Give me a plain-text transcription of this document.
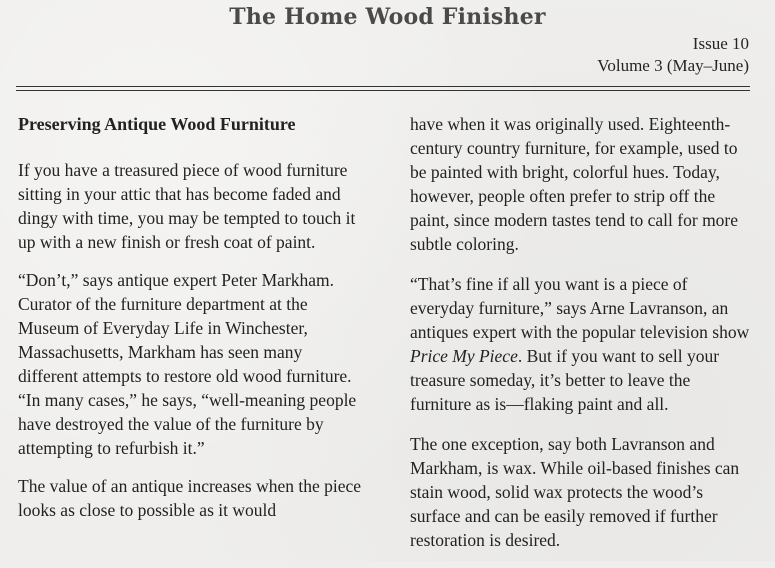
The Home Wood Finisher
Issue 10
Volume 3 (May–June)
Preserving Antique Wood Furniture
If you have a treasured piece of wood furniture sitting in your attic that has become faded and dingy with time, you may be tempted to touch it up with a new finish or fresh coat of paint.
“Don’t,” says antique expert Peter Markham. Curator of the furniture department at the Museum of Everyday Life in Winchester, Massachusetts, Markham has seen many different attempts to restore old wood furniture. “In many cases,” he says, “well-meaning people have destroyed the value of the furniture by attempting to refurbish it.”
The value of an antique increases when the piece looks as close to possible as it would
have when it was originally used. Eighteenth-century country furniture, for example, used to be painted with bright, colorful hues. Today, however, people often prefer to strip off the paint, since modern tastes tend to call for more subtle coloring.
“That’s fine if all you want is a piece of everyday furniture,” says Arne Lavranson, an antiques expert with the popular television show Price My Piece. But if you want to sell your treasure someday, it’s better to leave the furniture as is—flaking paint and all.
The one exception, say both Lavranson and Markham, is wax. While oil-based finishes can stain wood, solid wax protects the wood’s surface and can be easily removed if further restoration is desired.
